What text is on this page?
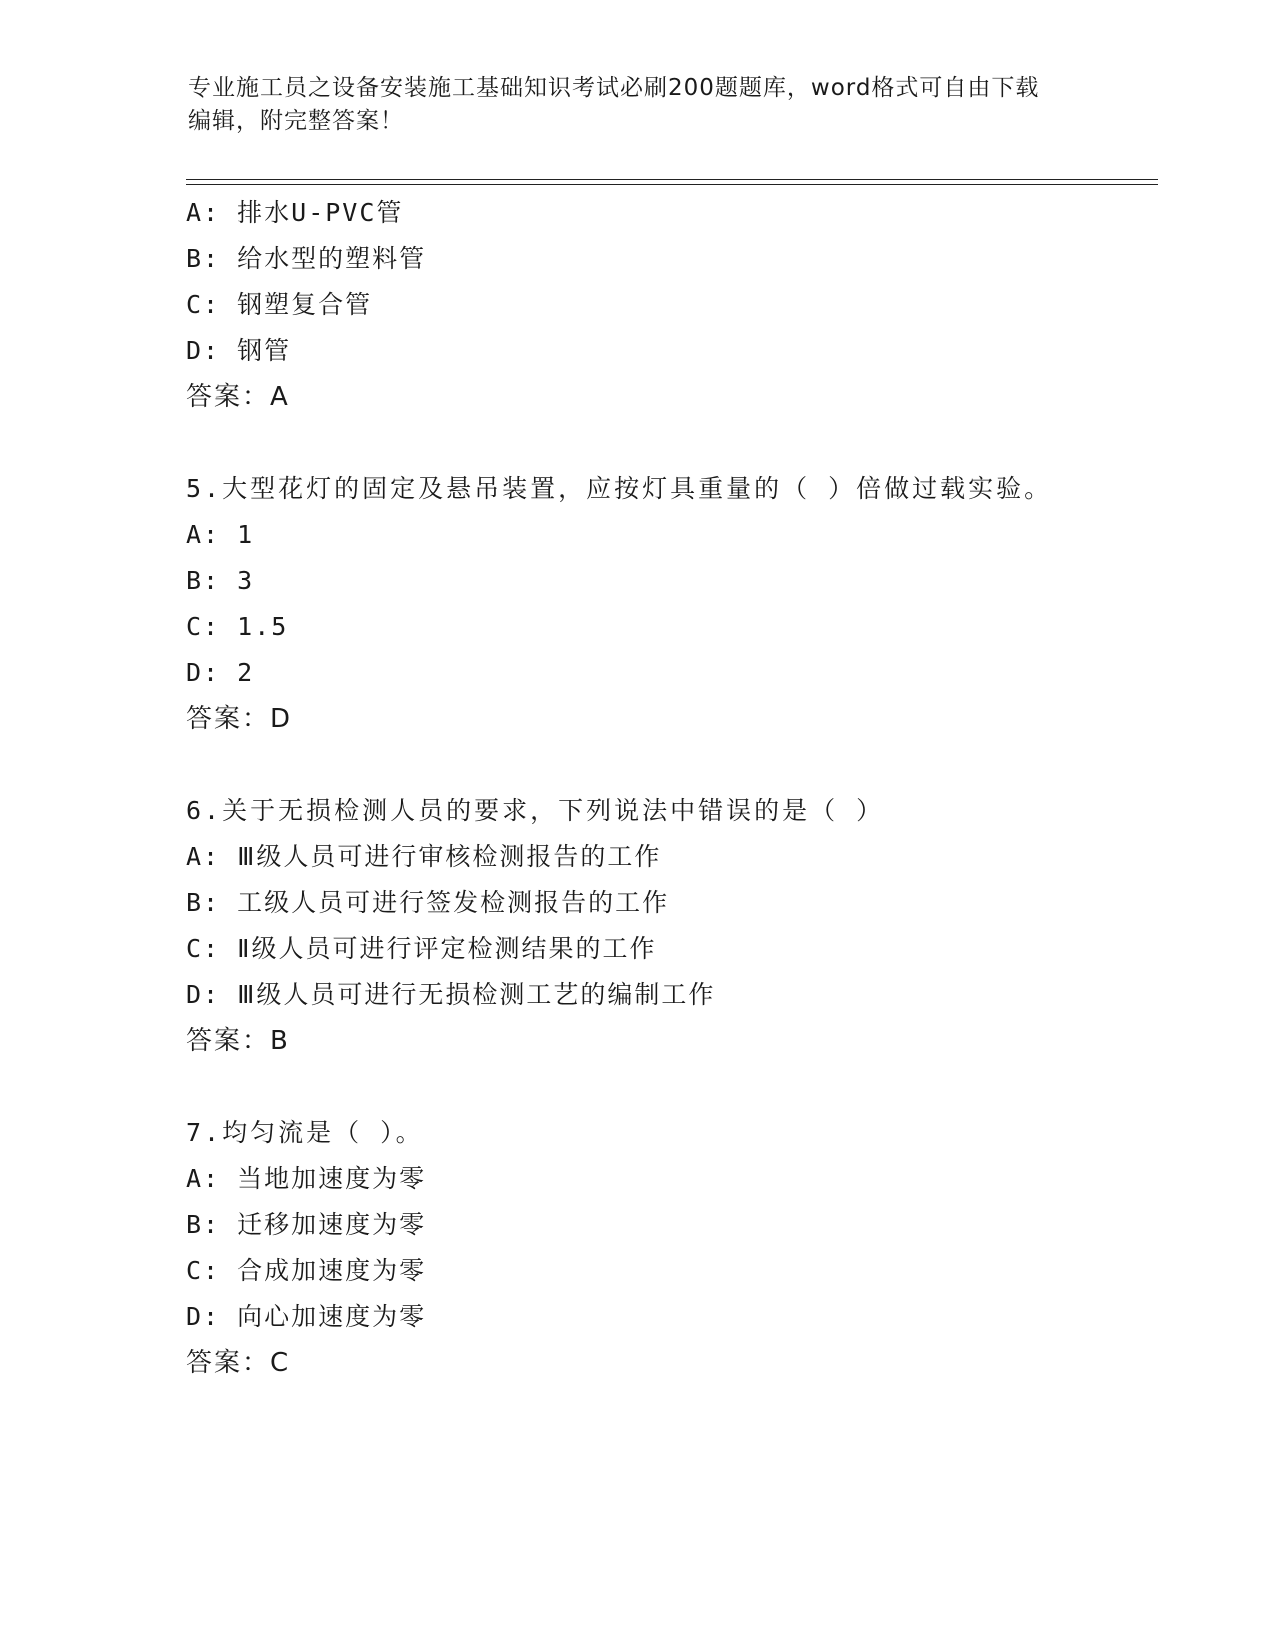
专业施工员之设备安装施工基础知识考试必刷200题题库，word格式可自由下载
编辑，附完整答案！
A: 排水U-PVC管
B: 给水型的塑料管
C: 钢塑复合管
D: 钢管
答案：A
5.大型花灯的固定及悬吊装置，应按灯具重量的（ ）倍做过载实验。
A: 1
B: 3
C: 1.5
D: 2
答案：D
6.关于无损检测人员的要求，下列说法中错误的是（ ）
A: Ⅲ级人员可进行审核检测报告的工作
B: 工级人员可进行签发检测报告的工作
C: Ⅱ级人员可进行评定检测结果的工作
D: Ⅲ级人员可进行无损检测工艺的编制工作
答案：B
7.均匀流是（ ）。
A: 当地加速度为零
B: 迁移加速度为零
C: 合成加速度为零
D: 向心加速度为零
答案：C
